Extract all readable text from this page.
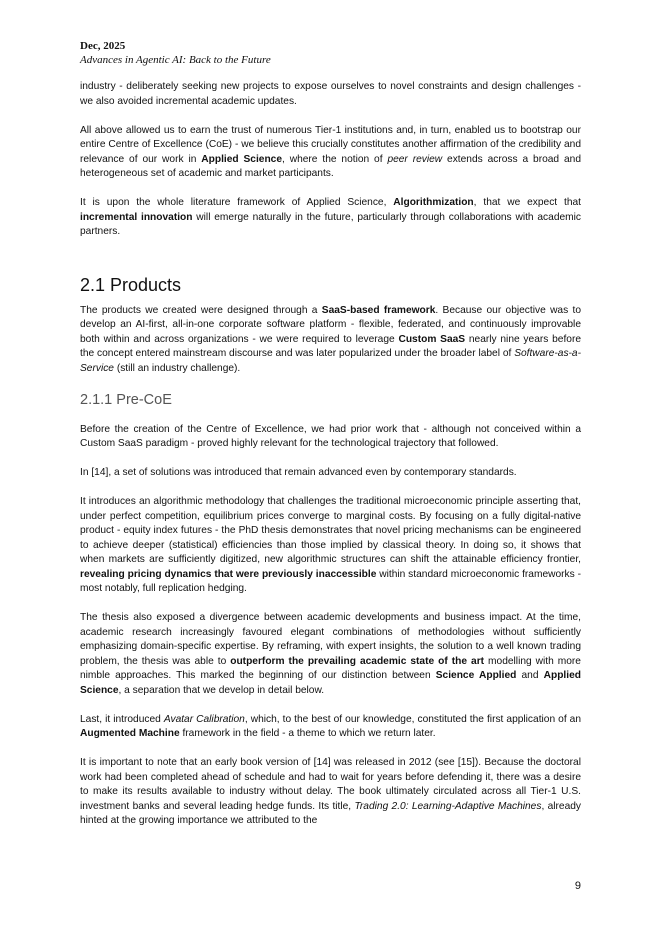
Dec, 2025
Advances in Agentic AI: Back to the Future

industry - deliberately seeking new projects to expose ourselves to novel constraints and design challenges - we also avoided incremental academic updates.

All above allowed us to earn the trust of numerous Tier-1 institutions and, in turn, enabled us to bootstrap our entire Centre of Excellence (CoE) - we believe this crucially constitutes another affirmation of the credibility and relevance of our work in Applied Science, where the notion of peer review extends across a broad and heterogeneous set of academic and market participants.

It is upon the whole literature framework of Applied Science, Algorithmization, that we expect that incremental innovation will emerge naturally in the future, particularly through collaborations with academic partners.

2.1 Products

The products we created were designed through a SaaS-based framework. Because our objective was to develop an AI-first, all-in-one corporate software platform - flexible, federated, and continuously improvable both within and across organizations - we were required to leverage Custom SaaS nearly nine years before the concept entered mainstream discourse and was later popularized under the broader label of Software-as-a-Service (still an industry challenge).

2.1.1 Pre-CoE

Before the creation of the Centre of Excellence, we had prior work that - although not conceived within a Custom SaaS paradigm - proved highly relevant for the technological trajectory that followed.

In [14], a set of solutions was introduced that remain advanced even by contemporary standards.

It introduces an algorithmic methodology that challenges the traditional microeconomic principle asserting that, under perfect competition, equilibrium prices converge to marginal costs. By focusing on a fully digital-native product - equity index futures - the PhD thesis demonstrates that novel pricing mechanisms can be engineered to achieve deeper (statistical) efficiencies than those implied by classical theory. In doing so, it shows that when markets are sufficiently digitized, new algorithmic structures can shift the attainable efficiency frontier, revealing pricing dynamics that were previously inaccessible within standard microeconomic frameworks - most notably, full replication hedging.

The thesis also exposed a divergence between academic developments and business impact. At the time, academic research increasingly favoured elegant combinations of methodologies without sufficiently emphasizing domain-specific expertise. By reframing, with expert insights, the solution to a well known trading problem, the thesis was able to outperform the prevailing academic state of the art modelling with more nimble approaches. This marked the beginning of our distinction between Science Applied and Applied Science, a separation that we develop in detail below.

Last, it introduced Avatar Calibration, which, to the best of our knowledge, constituted the first application of an Augmented Machine framework in the field - a theme to which we return later.

It is important to note that an early book version of [14] was released in 2012 (see [15]). Because the doctoral work had been completed ahead of schedule and had to wait for years before defending it, there was a desire to make its results available to industry without delay. The book ultimately circulated across all Tier-1 U.S. investment banks and several leading hedge funds. Its title, Trading 2.0: Learning-Adaptive Machines, already hinted at the growing importance we attributed to the

9
